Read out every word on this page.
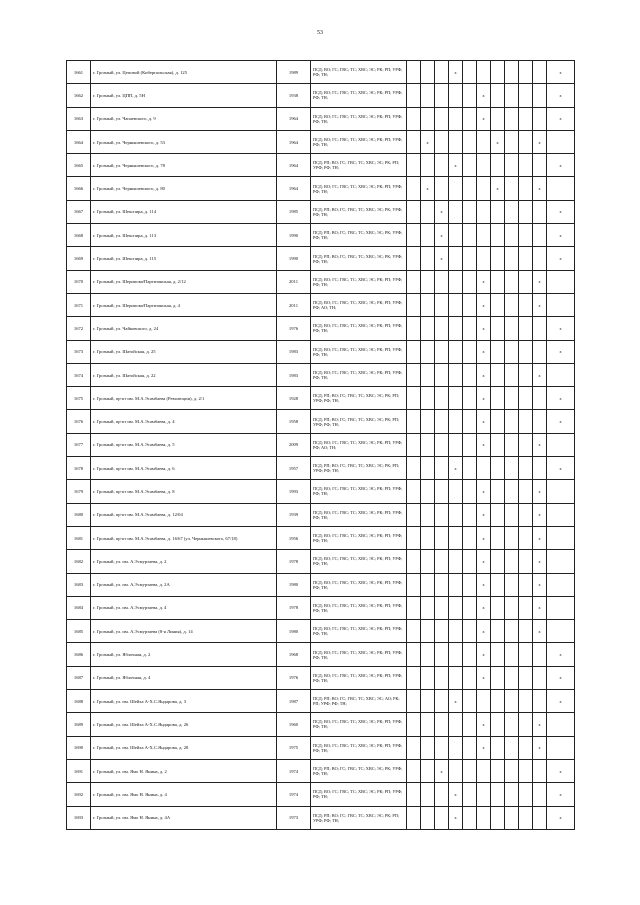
53
1661	г. Грозный, ул. Цеповой (Киберпольская), д. 125	1989	ПСД; ВО; ГС; ГВС; ТС; ХВС; ЭС; РК; РП; УРФ; РФ; ТН;				x							x
1662	г. Грозный, ул. ЦПП, д. 5Н	1938	ПСД; ВО; ГС; ГВС; ТС; ХВС; ЭС; РК; РП; УРФ; РФ; ТН;						x					x
1663	г. Грозный, ул. Чапаевского, д. 9	1964	ПСД; ВО; ГС; ГВС; ТС; ХВС; ЭС; РК; РП; УРФ; РФ; ТН;						x					x
1664	г. Грозный, ул. Чернышевского, д. 53	1964	ПСД; ВО; ГС; ГВС; ТС; ХВС; ЭС; РК; РП; УРФ; РФ; ТН;		x					x			x	
1665	г. Грозный, ул. Чернышевского, д. 78	1964	ПСД; РП; ВО; ГС; ГВС; ТС; ХВС; ЭС; РК; РП; УРФ; РФ; ТН;				x							x
1666	г. Грозный, ул. Чернышевского, д. 80	1964	ПСД; ВО; ГС; ГВС; ТС; ХВС; ЭС; РК; РП; УРФ; РФ; ТН;		x					x			x	
1667	г. Грозный, ул. Шекспира, д. 114	1985	ПСД; РП; ВО; ГС; ГВС; ТС; ХВС; ЭС; РК; УРФ; РФ; ТН;			x								x
1668	г. Грозный, ул. Шекспира, д. 113	1990	ПСД; РП; ВО; ГС; ГВС; ТС; ХВС; ЭС; РК; УРФ; РФ; ТН;			x								x
1669	г. Грозный, ул. Шекспира, д. 115	1990	ПСД; РП; ВО; ГС; ГВС; ТС; ХВС; ЭС; РК; УРФ; РФ; ТН;			x								x
1670	г. Грозный, ул. Шерипова/Партизанская, д. 2/12	2011	ПСД; ВО; ГС; ГВС; ТС; ХВС; ЭС; РК; РП; УРФ; РФ; ТН;						x				x	
1671	г. Грозный, ул. Шерипова/Партизанская, д. 4	2011	ПСД; ВО; ГС; ГВС; ТС; ХВС; ЭС; РК; РП; УРФ; РФ; АО; ТН;						x				x	
1672	г. Грозный, ул. Чайковского, д. 24	1976	ПСД; ВО; ГС; ГВС; ТС; ХВС; ЭС; РК; РП; УРФ; РФ; ТН;						x					x
1673	г. Грозный, ул. Шатойская, д. 25	1983	ПСД; ВО; ГС; ГВС; ТС; ХВС; ЭС; РК; РП; УРФ; РФ; ТН;						x					x
1674	г. Грозный, ул. Шатойская, д. 22	1983	ПСД; ВО; ГС; ГВС; ТС; ХВС; ЭС; РК; РП; УРФ; РФ; ТН;						x				x	
1675	г. Грозный, пр-кт им. М.А.Эсамбаева (Революции), д. 2/1	1928	ПСД; РП; ВО; ГС; ГВС; ТС; ХВС; ЭС; РК; РП; УРФ; РФ; ТН;						x					x
1676	г. Грозный, пр-кт им. М.А.Эсамбаева, д. 4	1958	ПСД; РП; ВО; ГС; ГВС; ТС; ХВС; ЭС; РК; РП; УРФ; РФ; ТН;						x					x
1677	г. Грозный, пр-кт им. М.А.Эсамбаева, д. 5	2009	ПСД; ВО; ГС; ГВС; ТС; ХВС; ЭС; РК; РП; УРФ; РФ; АО; ТН;						x				x	
1678	г. Грозный, пр-кт им. М.А.Эсамбаева, д. 6	1957	ПСД; РП; ВО; ГС; ГВС; ТС; ХВС; ЭС; РК; РП; УРФ; РФ; ТН;				x							x
1679	г. Грозный, пр-кт им. М.А.Эсамбаева, д. 8	1993	ПСД; ВО; ГС; ГВС; ТС; ХВС; ЭС; РК; РП; УРФ; РФ; ТН;						x				x	
1680	г. Грозный, пр-кт им. М.А.Эсамбаева, д. 12/04	1939	ПСД; ВО; ГС; ГВС; ТС; ХВС; ЭС; РК; РП; УРФ; РФ; ТН;						x				x	
1681	г. Грозный, пр-кт им. М.А.Эсамбаева, д. 16/67 (ул. Чернышевского, 67/18)	1956	ПСД; ВО; ГС; ГВС; ТС; ХВС; ЭС; РК; РП; УРФ; РФ; ТН;						x				x	
1682	г. Грозный, ул. им. А.Эсмурзаева, д. 2	1978	ПСД; ВО; ГС; ГВС; ТС; ХВС; ЭС; РК; РП; УРФ; РФ; ТН;						x				x	
1683	г. Грозный, ул. им. А.Эсмурзаева, д. 2А	1980	ПСД; ВО; ГС; ГВС; ТС; ХВС; ЭС; РК; РП; УРФ; РФ; ТН;						x				x	
1684	г. Грозный, ул. им. А.Эсмурзаева, д. 4	1978	ПСД; ВО; ГС; ГВС; ТС; ХВС; ЭС; РК; РП; УРФ; РФ; ТН;						x				x	
1685	г. Грозный, ул. им. А.Эсмурзаева (8-я Линия), д. 14	1980	ПСД; ВО; ГС; ГВС; ТС; ХВС; ЭС; РК; РП; УРФ; РФ; ТН;						x				x	
1686	г. Грозный, ул. Яблочная, д. 2	1968	ПСД; ВО; ГС; ГВС; ТС; ХВС; ЭС; РК; РП; УРФ; РФ; ТН;						x					x
1687	г. Грозный, ул. Яблочная, д. 4	1976	ПСД; ВО; ГС; ГВС; ТС; ХВС; ЭС; РК; РП; УРФ; РФ; ТН;						x					x
1688	г. Грозный, ул. им. Шейха А-Х.С.Яндарова, д. 3	1987	ПСД; РП; ВО; ГС; ГВС; ТС; ХВС; ЭС; АО; РК; РП; УРФ; РФ; ТН;				x							x
1689	г. Грозный, ул. им. Шейха А-Х.С.Яндарова, д. 26	1960	ПСД; ВО; ГС; ГВС; ТС; ХВС; ЭС; РК; РП; УРФ; РФ; ТН;						x				x	
1690	г. Грозный, ул. им. Шейха А-Х.С.Яндарова, д. 28	1975	ПСД; ВО; ГС; ГВС; ТС; ХВС; ЭС; РК; РП; УРФ; РФ; ТН;						x				x	
1691	г. Грозный, ул. им. Ямо Н. Янина, д. 2	1974	ПСД; РП; ВО; ГС; ГВС; ТС; ХВС; ЭС; РК; УРФ; РФ; ТН;			x								x
1692	г. Грозный, ул. им. Ямо Н. Янина, д. 4	1974	ПСД; ВО; ГС; ГВС; ТС; ХВС; ЭС; РК; РП; УРФ; РФ; ТН;				x							x
1693	г. Грозный, ул. им. Ямо Н. Янина, д. 4А	1973	ПСД; РП; ВО; ГС; ГВС; ТС; ХВС; ЭС; РК; РП; УРФ; РФ; ТН;				x							x
